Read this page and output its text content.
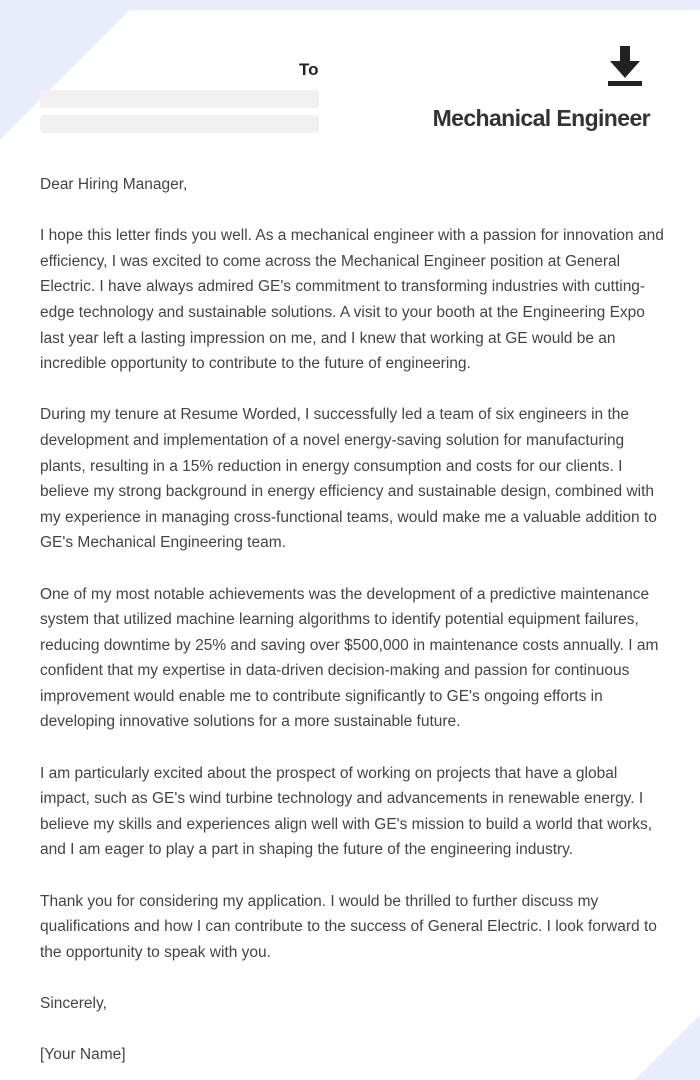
To
Mechanical Engineer

Dear Hiring Manager,

I hope this letter finds you well. As a mechanical engineer with a passion for innovation and efficiency, I was excited to come across the Mechanical Engineer position at General Electric. I have always admired GE's commitment to transforming industries with cutting-edge technology and sustainable solutions. A visit to your booth at the Engineering Expo last year left a lasting impression on me, and I knew that working at GE would be an incredible opportunity to contribute to the future of engineering.

During my tenure at Resume Worded, I successfully led a team of six engineers in the development and implementation of a novel energy-saving solution for manufacturing plants, resulting in a 15% reduction in energy consumption and costs for our clients. I believe my strong background in energy efficiency and sustainable design, combined with my experience in managing cross-functional teams, would make me a valuable addition to GE's Mechanical Engineering team.

One of my most notable achievements was the development of a predictive maintenance system that utilized machine learning algorithms to identify potential equipment failures, reducing downtime by 25% and saving over $500,000 in maintenance costs annually. I am confident that my expertise in data-driven decision-making and passion for continuous improvement would enable me to contribute significantly to GE's ongoing efforts in developing innovative solutions for a more sustainable future.

I am particularly excited about the prospect of working on projects that have a global impact, such as GE's wind turbine technology and advancements in renewable energy. I believe my skills and experiences align well with GE's mission to build a world that works, and I am eager to play a part in shaping the future of the engineering industry.

Thank you for considering my application. I would be thrilled to further discuss my qualifications and how I can contribute to the success of General Electric. I look forward to the opportunity to speak with you.

Sincerely,

[Your Name]
